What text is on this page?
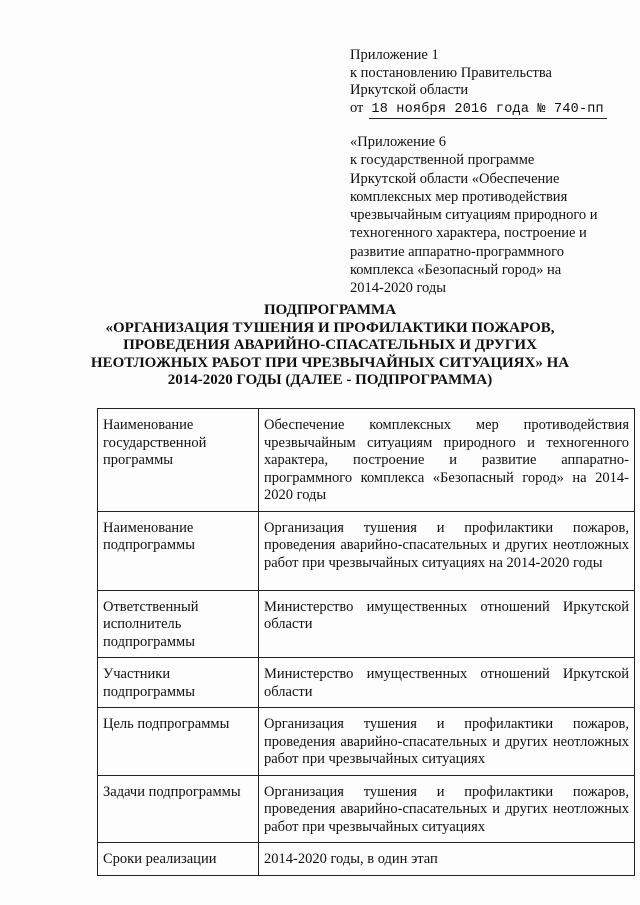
Приложение 1
к постановлению Правительства
Иркутской области
от 18 ноября 2016 года № 740-пп
«Приложение 6
к государственной программе
Иркутской области «Обеспечение
комплексных мер противодействия
чрезвычайным ситуациям природного и
техногенного характера, построение и
развитие аппаратно-программного
комплекса «Безопасный город» на
2014-2020 годы
ПОДПРОГРАММА
«ОРГАНИЗАЦИЯ ТУШЕНИЯ И ПРОФИЛАКТИКИ ПОЖАРОВ,
ПРОВЕДЕНИЯ АВАРИЙНО-СПАСАТЕЛЬНЫХ И ДРУГИХ
НЕОТЛОЖНЫХ РАБОТ ПРИ ЧРЕЗВЫЧАЙНЫХ СИТУАЦИЯХ» НА
2014-2020 ГОДЫ (ДАЛЕЕ - ПОДПРОГРАММА)
Наименование государственной программы	Обеспечение комплексных мер противодействия чрезвычайным ситуациям природного и техногенного характера, построение и развитие аппаратно-программного комплекса «Безопасный город» на 2014-2020 годы
Наименование подпрограммы	Организация тушения и профилактики пожаров, проведения аварийно-спасательных и других неотложных работ при чрезвычайных ситуациях на 2014-2020 годы
Ответственный исполнитель подпрограммы	Министерство имущественных отношений Иркутской области
Участники подпрограммы	Министерство имущественных отношений Иркутской области
Цель подпрограммы	Организация тушения и профилактики пожаров, проведения аварийно-спасательных и других неотложных работ при чрезвычайных ситуациях
Задачи подпрограммы	Организация тушения и профилактики пожаров, проведения аварийно-спасательных и других неотложных работ при чрезвычайных ситуациях
Сроки реализации	2014-2020 годы, в один этап
